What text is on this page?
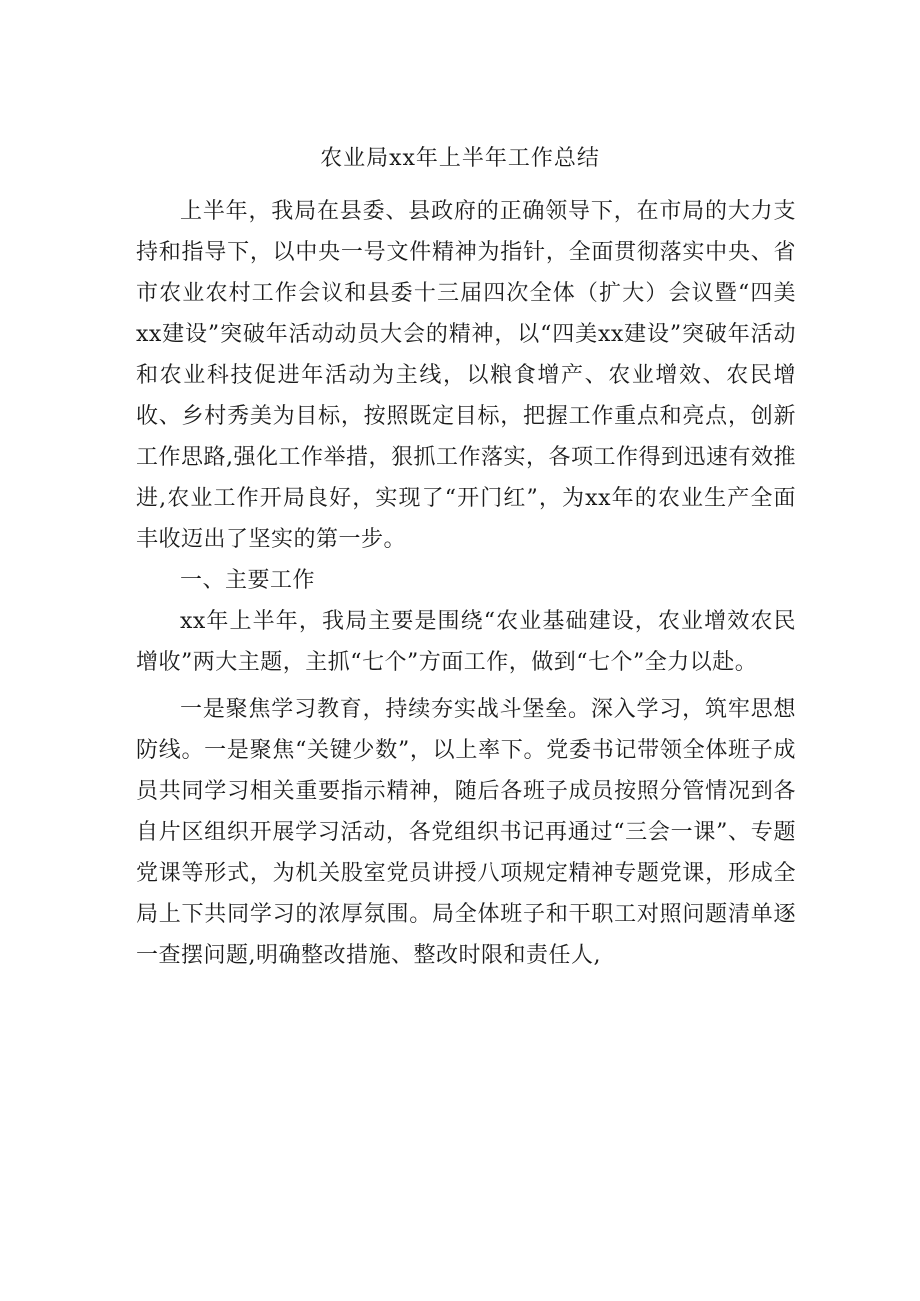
农业局xx年上半年工作总结

上半年，我局在县委、县政府的正确领导下，在市局的大力支持和指导下，以中央一号文件精神为指针，全面贯彻落实中央、省市农业农村工作会议和县委十三届四次全体（扩大）会议暨“四美xx建设”突破年活动动员大会的精神，以“四美xx建设”突破年活动和农业科技促进年活动为主线，以粮食增产、农业增效、农民增收、乡村秀美为目标，按照既定目标，把握工作重点和亮点，创新工作思路,强化工作举措，狠抓工作落实，各项工作得到迅速有效推进,农业工作开局良好，实现了“开门红”，为xx年的农业生产全面丰收迈出了坚实的第一步。

一、主要工作

xx年上半年，我局主要是围绕“农业基础建设，农业增效农民增收”两大主题，主抓“七个”方面工作，做到“七个”全力以赴。

一是聚焦学习教育，持续夯实战斗堡垒。深入学习，筑牢思想防线。一是聚焦“关键少数”，以上率下。党委书记带领全体班子成员共同学习相关重要指示精神，随后各班子成员按照分管情况到各自片区组织开展学习活动，各党组织书记再通过“三会一课”、专题党课等形式，为机关股室党员讲授八项规定精神专题党课，形成全局上下共同学习的浓厚氛围。局全体班子和干职工对照问题清单逐一查摆问题,明确整改措施、整改时限和责任人,
